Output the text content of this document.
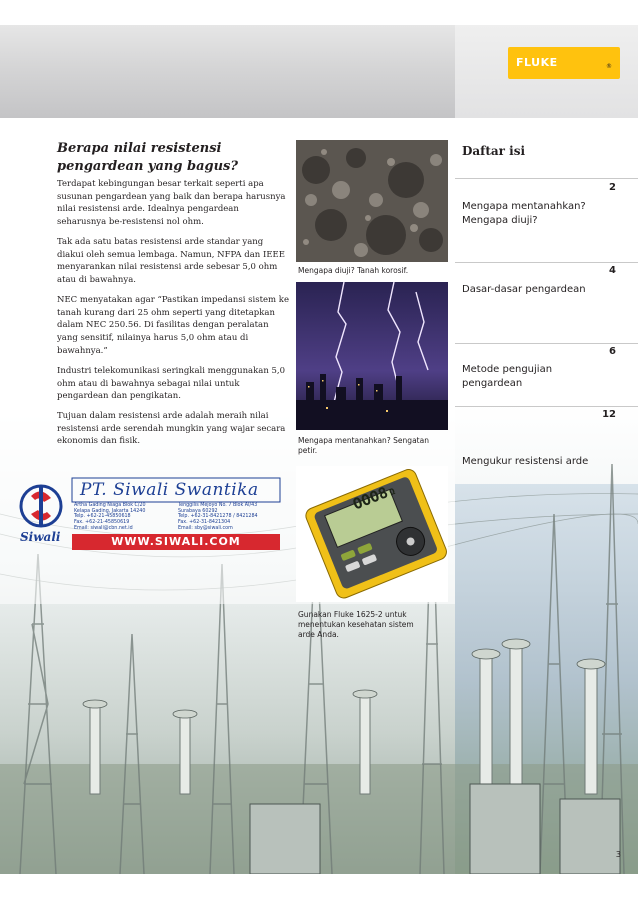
FLUKE	®
Berapa nilai resistensi pengardean yang bagus?

Terdapat kebingungan besar terkait seperti apa susunan pengardean yang baik dan berapa harusnya nilai resistensi arde. Idealnya pengardean seharusnya be-resistensi nol ohm.

Tak ada satu batas resistensi arde standar yang diakui oleh semua lembaga. Namun, NFPA dan IEEE menyarankan nilai resistensi arde sebesar 5,0 ohm atau di bawahnya.

NEC menyatakan agar “Pastikan impedansi sistem ke tanah kurang dari 25 ohm seperti yang ditetapkan dalam NEC 250.56. Di fasilitas dengan peralatan yang sensitif, nilainya harus 5,0 ohm atau di bawahnya.”

Industri telekomunikasi seringkali menggunakan 5,0 ohm atau di bawahnya sebagai nilai untuk pengardean dan pengikatan.

Tujuan dalam resistensi arde adalah meraih nilai resistensi arde serendah mungkin yang wajar secara ekonomis dan fisik.

Mengapa diuji? Tanah korosif.
Mengapa mentanahkan? Sengatan petir.
OOO8Ω
Gunakan Fluke 1625-2 untuk menentukan kesehatan sistem arde Anda.
Siwali
PT. Siwali Swantika
Artha Gading Niaga Blok C/20
Kelapa Gading, Jakarta 14240
Telp. +62-21-45850618
Fax. +62-21-45850619
Email: siwali@cbn.net.id
Tenggilis Mejoyo No. 7 Blok AI/43
Surabaya 60292
Telp. +62-31-8421278 / 8421284
Fax. +62-31-8421304
Email: sby@siwali.com
WWW.SIWALI.COM
Daftar isi
2
Mengapa mentanahkan? Mengapa diuji?
4
Dasar-dasar pengardean
6
Metode pengujian pengardean
12
Mengukur resistensi arde
3
